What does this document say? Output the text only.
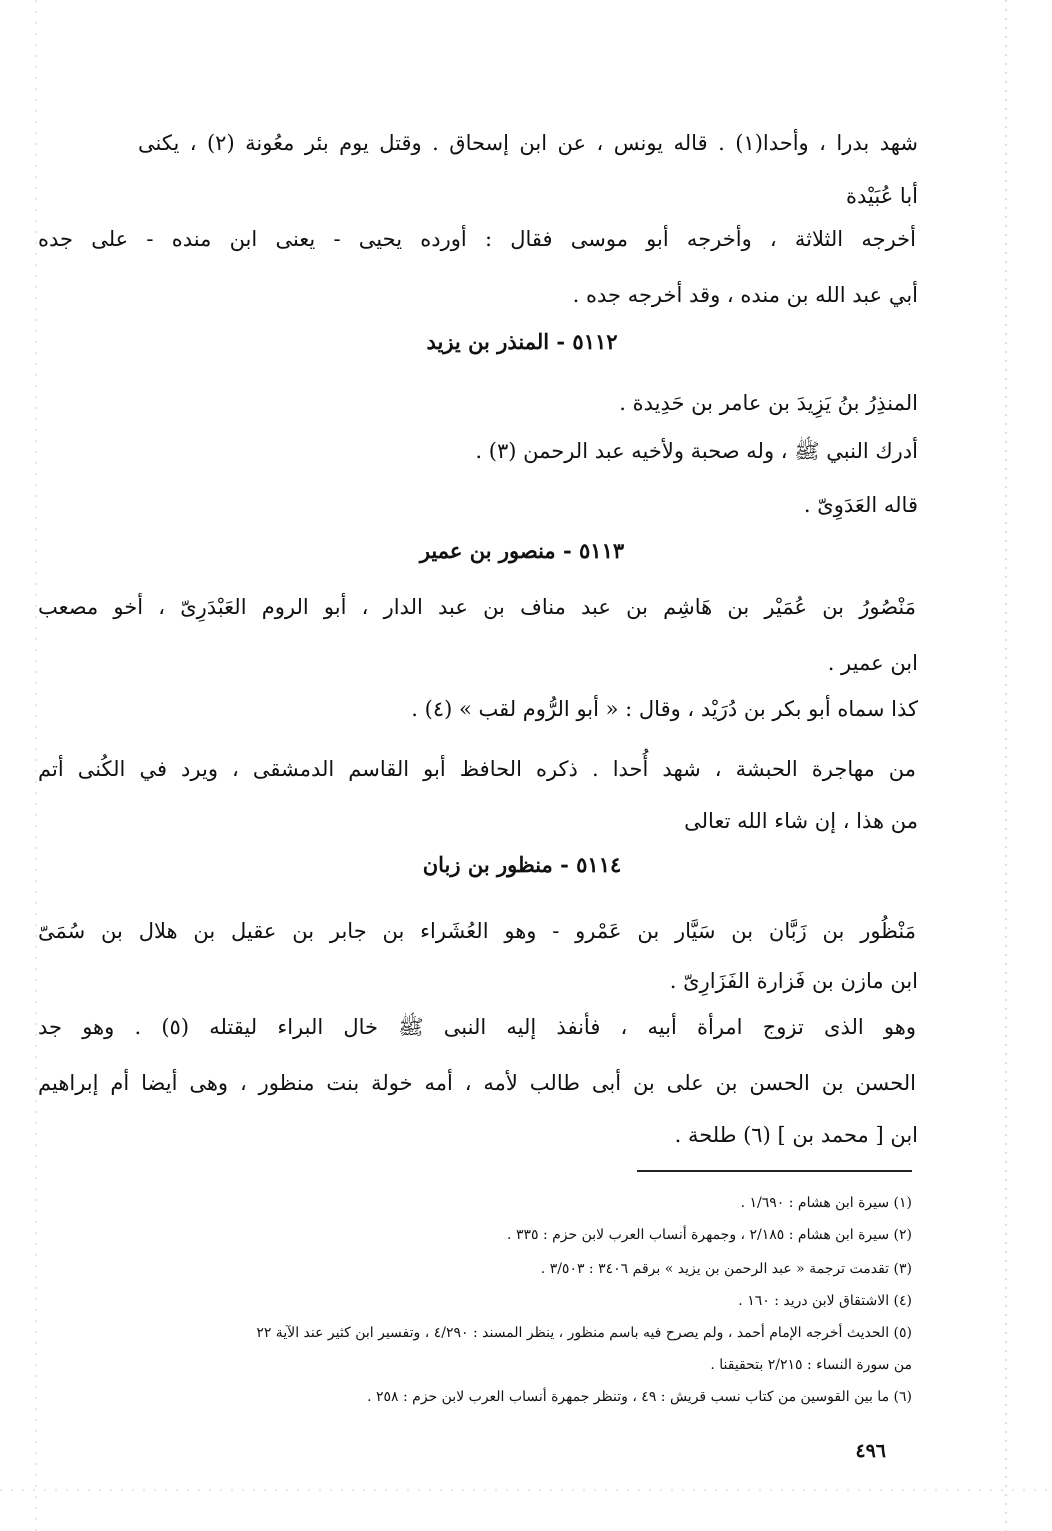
شهد بدرا ، وأحدا(١) . قاله يونس ، عن ابن إسحاق . وقتل يوم بئر معُونة (٢) ، يكنى
أبا عُبَيْدة
أخرجه الثلاثة ، وأخرجه أبو موسى فقال : أورده يحيى - يعنى ابن منده - على جده
أبي عبد الله بن منده ، وقد أخرجه جده .
٥١١٢ - المنذر بن يزيد
المنذِرُ بنُ يَزِيدَ بن عامر بن حَدِيدة .
أدرك النبي ﷺ ، وله صحبة ولأخيه عبد الرحمن (٣) .
قاله العَدَوِىّ .
٥١١٣ - منصور بن عمير
مَنْصُورُ بن عُمَيْر بن هَاشِم بن عبد مناف بن عبد الدار ، أبو الروم العَبْدَرِىّ ، أخو مصعب
ابن عمير .
كذا سماه أبو بكر بن دُرَيْد ، وقال : « أبو الرُّوم لقب » (٤) .
من مهاجرة الحبشة ، شهد أُحدا . ذكره الحافظ أبو القاسم الدمشقى ، ويرد في الكُنى أتم
من هذا ، إن شاء الله تعالى
٥١١٤ - منظور بن زبان
مَنْظُور بن زَبَّان بن سَيَّار بن عَمْرو - وهو العُشَراء بن جابر بن عقيل بن هلال بن سُمَىّ
ابن مازن بن فَزارة الفَزَارِىّ .
وهو الذى تزوج امرأة أبيه ، فأنفذ إليه النبى ﷺ خال البراء ليقتله (٥) . وهو جد
الحسن بن الحسن بن على بن أبى طالب لأمه ، أمه خولة بنت منظور ، وهى أيضا أم إبراهيم
ابن [ محمد بن ] (٦) طلحة .
(١) سيرة ابن هشام : ١/٦٩٠ .
(٢) سيرة ابن هشام : ٢/١٨٥ ، وجمهرة أنساب العرب لابن حزم : ٣٣٥ .
(٣) تقدمت ترجمة « عبد الرحمن بن يزيد » برقم ٣٤٠٦ : ٣/٥٠٣ .
(٤) الاشتقاق لابن دريد : ١٦٠ .
(٥) الحديث أخرجه الإمام أحمد ، ولم يصرح فيه باسم منظور ، ينظر المسند : ٤/٢٩٠ ، وتفسير ابن كثير عند الآية ٢٢
من سورة النساء : ٢/٢١٥ بتحقيقنا .
(٦) ما بين القوسين من كتاب نسب قريش : ٤٩ ، وتنظر جمهرة أنساب العرب لابن حزم : ٢٥٨ .
٤٩٦
